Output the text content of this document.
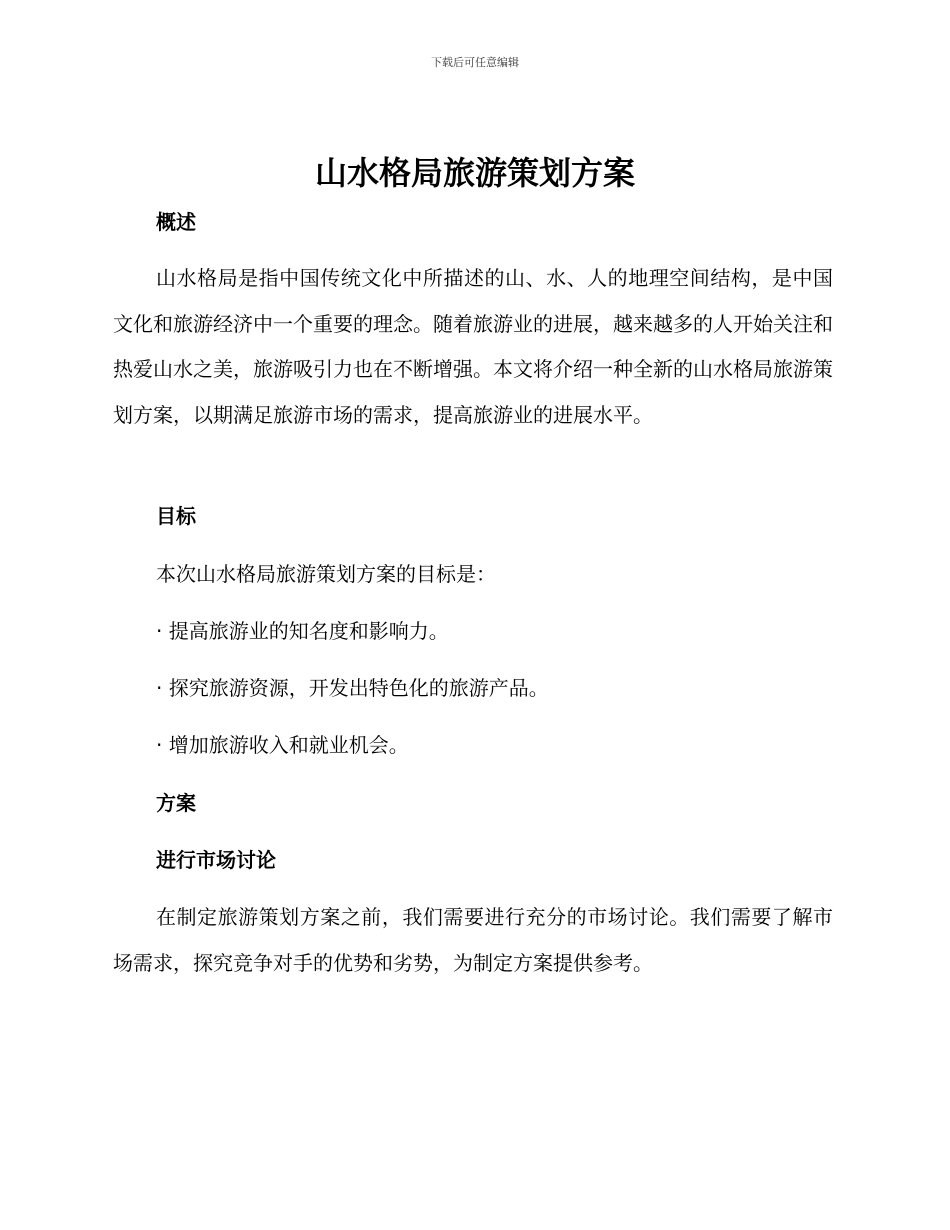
下载后可任意编辑
山水格局旅游策划方案
概述
山水格局是指中国传统文化中所描述的山、水、人的地理空间结构，是中国文化和旅游经济中一个重要的理念。随着旅游业的进展，越来越多的人开始关注和热爱山水之美，旅游吸引力也在不断增强。本文将介绍一种全新的山水格局旅游策划方案，以期满足旅游市场的需求，提高旅游业的进展水平。
目标
本次山水格局旅游策划方案的目标是：
· 提高旅游业的知名度和影响力。
· 探究旅游资源，开发出特色化的旅游产品。
· 增加旅游收入和就业机会。
方案
进行市场讨论
在制定旅游策划方案之前，我们需要进行充分的市场讨论。我们需要了解市场需求，探究竞争对手的优势和劣势，为制定方案提供参考。
